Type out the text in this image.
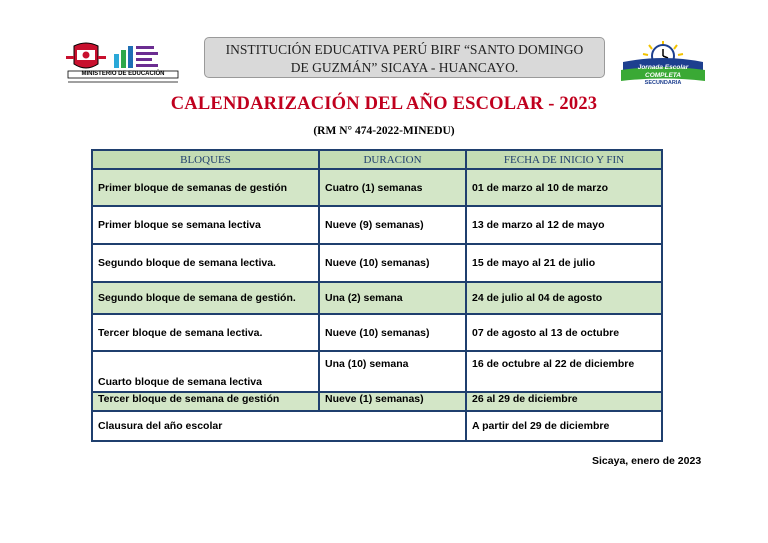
MINISTERIO DE EDUCACIÓN
INSTITUCIÓN EDUCATIVA PERÚ BIRF “SANTO DOMINGO
DE GUZMÁN” SICAYA - HUANCAYO.	Jornada Escolar COMPLETA
SECUNDARIA
CALENDARIZACIÓN DEL AÑO ESCOLAR - 2023
(RM N° 474-2022-MINEDU)
BLOQUES	DURACION	FECHA DE INICIO Y FIN
Primer bloque de semanas de gestión	Cuatro (1) semanas	01 de marzo al 10 de marzo
Primer bloque se semana lectiva	Nueve (9) semanas)	13 de marzo al 12 de mayo
Segundo bloque de semana lectiva.	Nueve (10) semanas)	15 de mayo al 21 de julio
Segundo bloque de semana de gestión.	Una (2) semana	24 de julio al 04 de agosto
Tercer bloque de semana lectiva.	Nueve (10) semanas)	07 de agosto al 13 de octubre
Cuarto bloque de semana lectiva	Una (10) semana	16 de octubre al 22 de diciembre
Tercer bloque de semana de gestión	Nueve (1) semanas)	26 al 29 de diciembre
Clausura del año escolar		A partir del 29 de diciembre
Sicaya, enero de 2023
